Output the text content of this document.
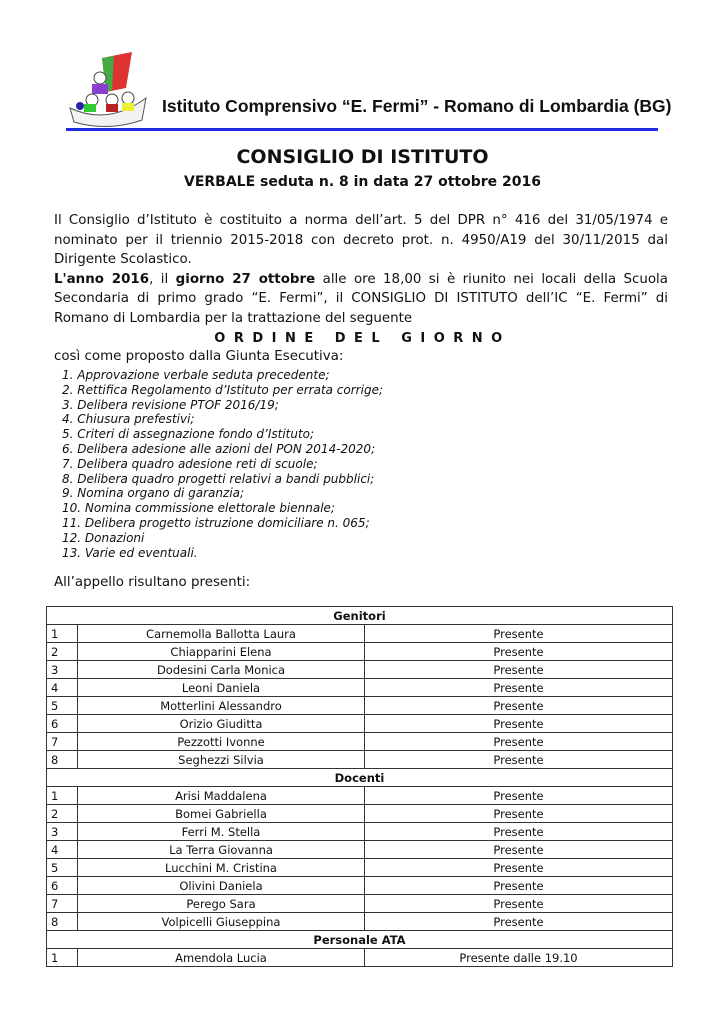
Istituto Comprensivo “E. Fermi” - Romano di Lombardia (BG)
CONSIGLIO DI ISTITUTO
VERBALE seduta n. 8 in data 27 ottobre 2016

Il Consiglio d’Istituto è costituito a norma dell’art. 5 del DPR n° 416 del 31/05/1974 e nominato per il triennio 2015-2018 con decreto prot. n. 4950/A19 del 30/11/2015 dal Dirigente Scolastico.

L'anno 2016, il giorno 27 ottobre alle ore 18,00 si è riunito nei locali della Scuola Secondaria di primo grado “E. Fermi”, il CONSIGLIO DI ISTITUTO dell’IC “E. Fermi” di Romano di Lombardia per la trattazione del seguente

ORDINE DEL GIORNO
così come proposto dalla Giunta Esecutiva:
1. Approvazione verbale seduta precedente;
2. Rettifica Regolamento d’Istituto per errata corrige;
3. Delibera revisione PTOF 2016/19;
4. Chiusura prefestivi;
5. Criteri di assegnazione fondo d’Istituto;
6. Delibera adesione alle azioni del PON 2014-2020;
7. Delibera quadro adesione reti di scuole;
8. Delibera quadro progetti relativi a bandi pubblici;
9. Nomina organo di garanzia;
10. Nomina commissione elettorale biennale;
11. Delibera progetto istruzione domiciliare n. 065;
12. Donazioni
13. Varie ed eventuali.
All’appello risultano presenti:
Genitori		
1	Carnemolla Ballotta Laura	Presente
2	Chiapparini Elena	Presente
3	Dodesini Carla Monica	Presente
4	Leoni Daniela	Presente
5	Motterlini Alessandro	Presente
6	Orizio Giuditta	Presente
7	Pezzotti Ivonne	Presente
8	Seghezzi Silvia	Presente
Docenti		
1	Arisi Maddalena	Presente
2	Bomei Gabriella	Presente
3	Ferri M. Stella	Presente
4	La Terra Giovanna	Presente
5	Lucchini M. Cristina	Presente
6	Olivini Daniela	Presente
7	Perego Sara	Presente
8	Volpicelli Giuseppina	Presente
Personale ATA		
1	Amendola Lucia	Presente dalle 19.10
